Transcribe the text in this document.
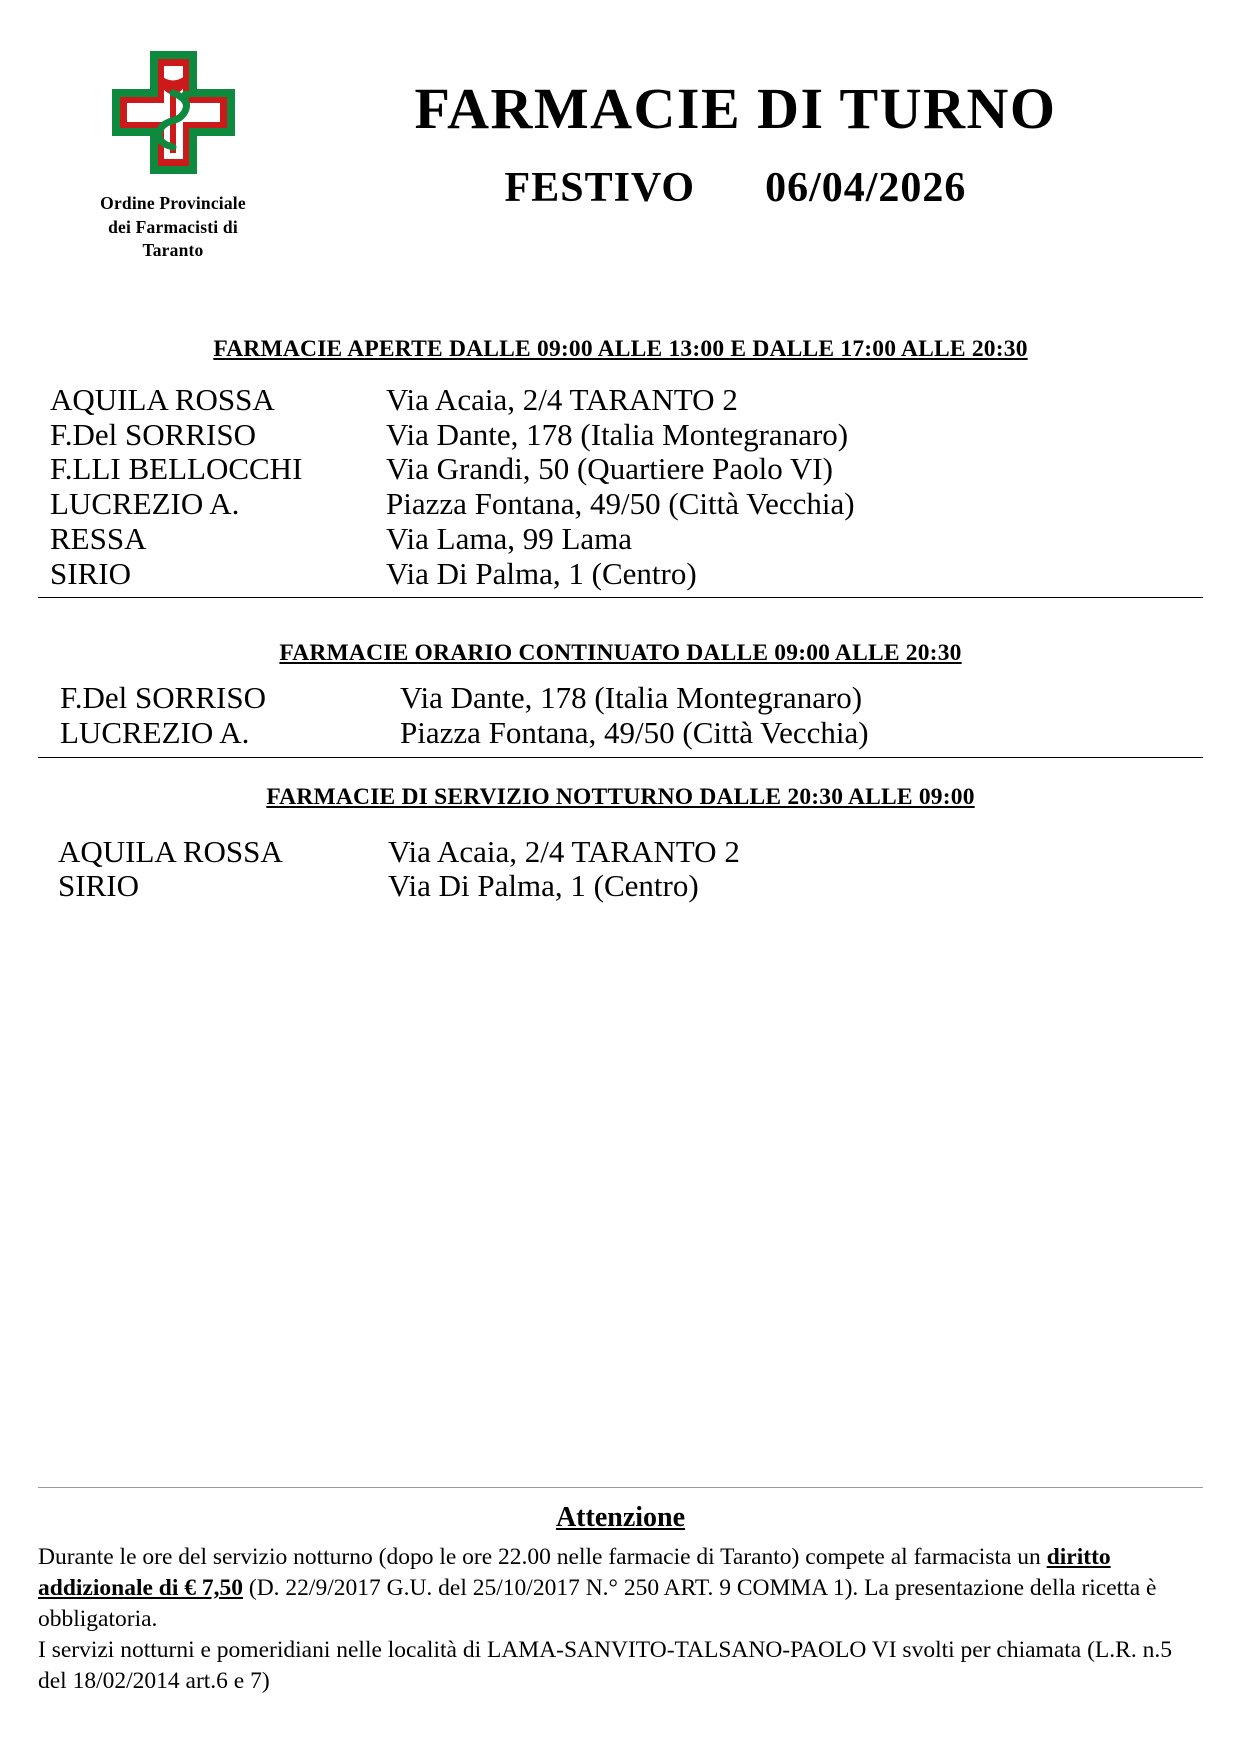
Ordine Provinciale
dei Farmacisti di
Taranto
FARMACIE DI TURNO
FESTIVO 06/04/2026
FARMACIE APERTE DALLE 09:00 ALLE 13:00 E DALLE 17:00 ALLE 20:30
AQUILA ROSSA	Via Acaia, 2/4 TARANTO 2
F.Del SORRISO	Via Dante, 178 (Italia Montegranaro)
F.LLI BELLOCCHI	Via Grandi, 50 (Quartiere Paolo VI)
LUCREZIO A.	Piazza Fontana, 49/50 (Città Vecchia)
RESSA	Via Lama, 99 Lama
SIRIO	Via Di Palma, 1 (Centro)
FARMACIE ORARIO CONTINUATO DALLE 09:00 ALLE 20:30
F.Del SORRISO	Via Dante, 178 (Italia Montegranaro)
LUCREZIO A.	Piazza Fontana, 49/50 (Città Vecchia)
FARMACIE DI SERVIZIO NOTTURNO DALLE 20:30 ALLE 09:00
AQUILA ROSSA	Via Acaia, 2/4 TARANTO 2
SIRIO	Via Di Palma, 1 (Centro)
Attenzione

Durante le ore del servizio notturno (dopo le ore 22.00 nelle farmacie di Taranto) compete al farmacista un diritto addizionale di € 7,50 (D. 22/9/2017 G.U. del 25/10/2017 N.° 250 ART. 9 COMMA 1). La presentazione della ricetta è obbligatoria.

I servizi notturni e pomeridiani nelle località di LAMA-SANVITO-TALSANO-PAOLO VI svolti per chiamata (L.R. n.5 del 18/02/2014 art.6 e 7)
